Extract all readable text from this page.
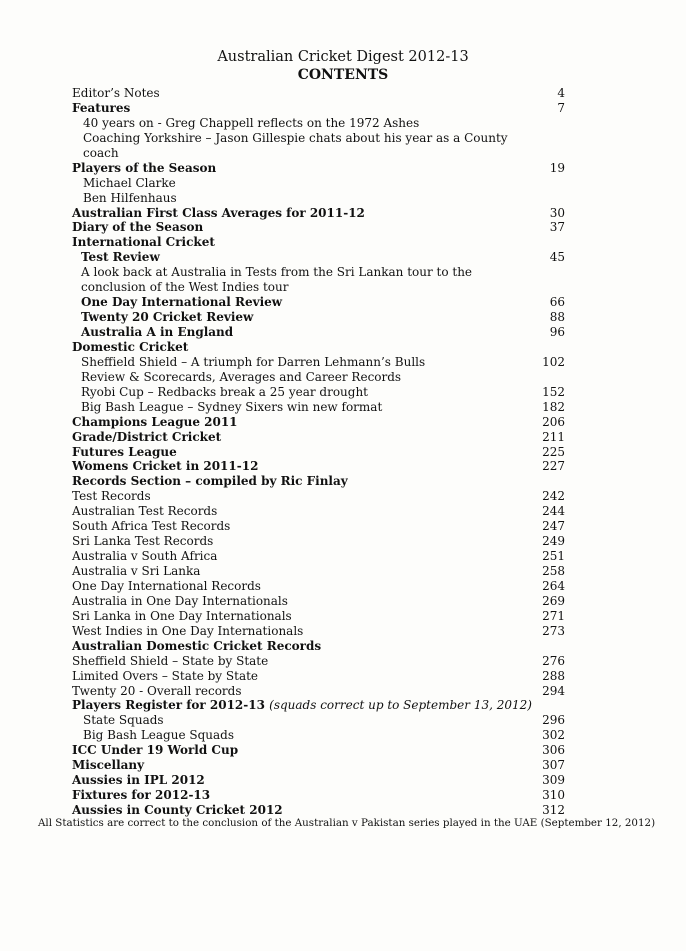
Australian Cricket Digest 2012-13
CONTENTS
Editor’s Notes	4
Features	7
40 years on - Greg Chappell reflects on the 1972 Ashes
Coaching Yorkshire – Jason Gillespie chats about his year as a County
coach
Players of the Season	19
Michael Clarke
Ben Hilfenhaus
Australian First Class Averages for 2011-12	30
Diary of the Season	37
International Cricket
Test Review	45
A look back at Australia in Tests from the Sri Lankan tour to the
conclusion of the West Indies tour
One Day International Review	66
Twenty 20 Cricket Review	88
Australia A in England	96
Domestic Cricket
Sheffield Shield – A triumph for Darren Lehmann’s Bulls	102
Review & Scorecards, Averages and Career Records
Ryobi Cup – Redbacks break a 25 year drought	152
Big Bash League – Sydney Sixers win new format	182
Champions League 2011	206
Grade/District Cricket	211
Futures League	225
Womens Cricket in 2011-12	227
Records Section – compiled by Ric Finlay
Test Records	242
Australian Test Records	244
South Africa Test Records	247
Sri Lanka Test Records	249
Australia v South Africa	251
Australia v Sri Lanka	258
One Day International Records	264
Australia in One Day Internationals	269
Sri Lanka in One Day Internationals	271
West Indies in One Day Internationals	273
Australian Domestic Cricket Records
Sheffield Shield – State by State	276
Limited Overs – State by State	288
Twenty 20 - Overall records	294
Players Register for 2012-13 (squads correct up to September 13, 2012)
State Squads	296
Big Bash League Squads	302
ICC Under 19 World Cup	306
Miscellany	307
Aussies in IPL 2012	309
Fixtures for 2012-13	310
Aussies in County Cricket 2012	312
All Statistics are correct to the conclusion of the Australian v Pakistan series played in the UAE (September 12, 2012)
